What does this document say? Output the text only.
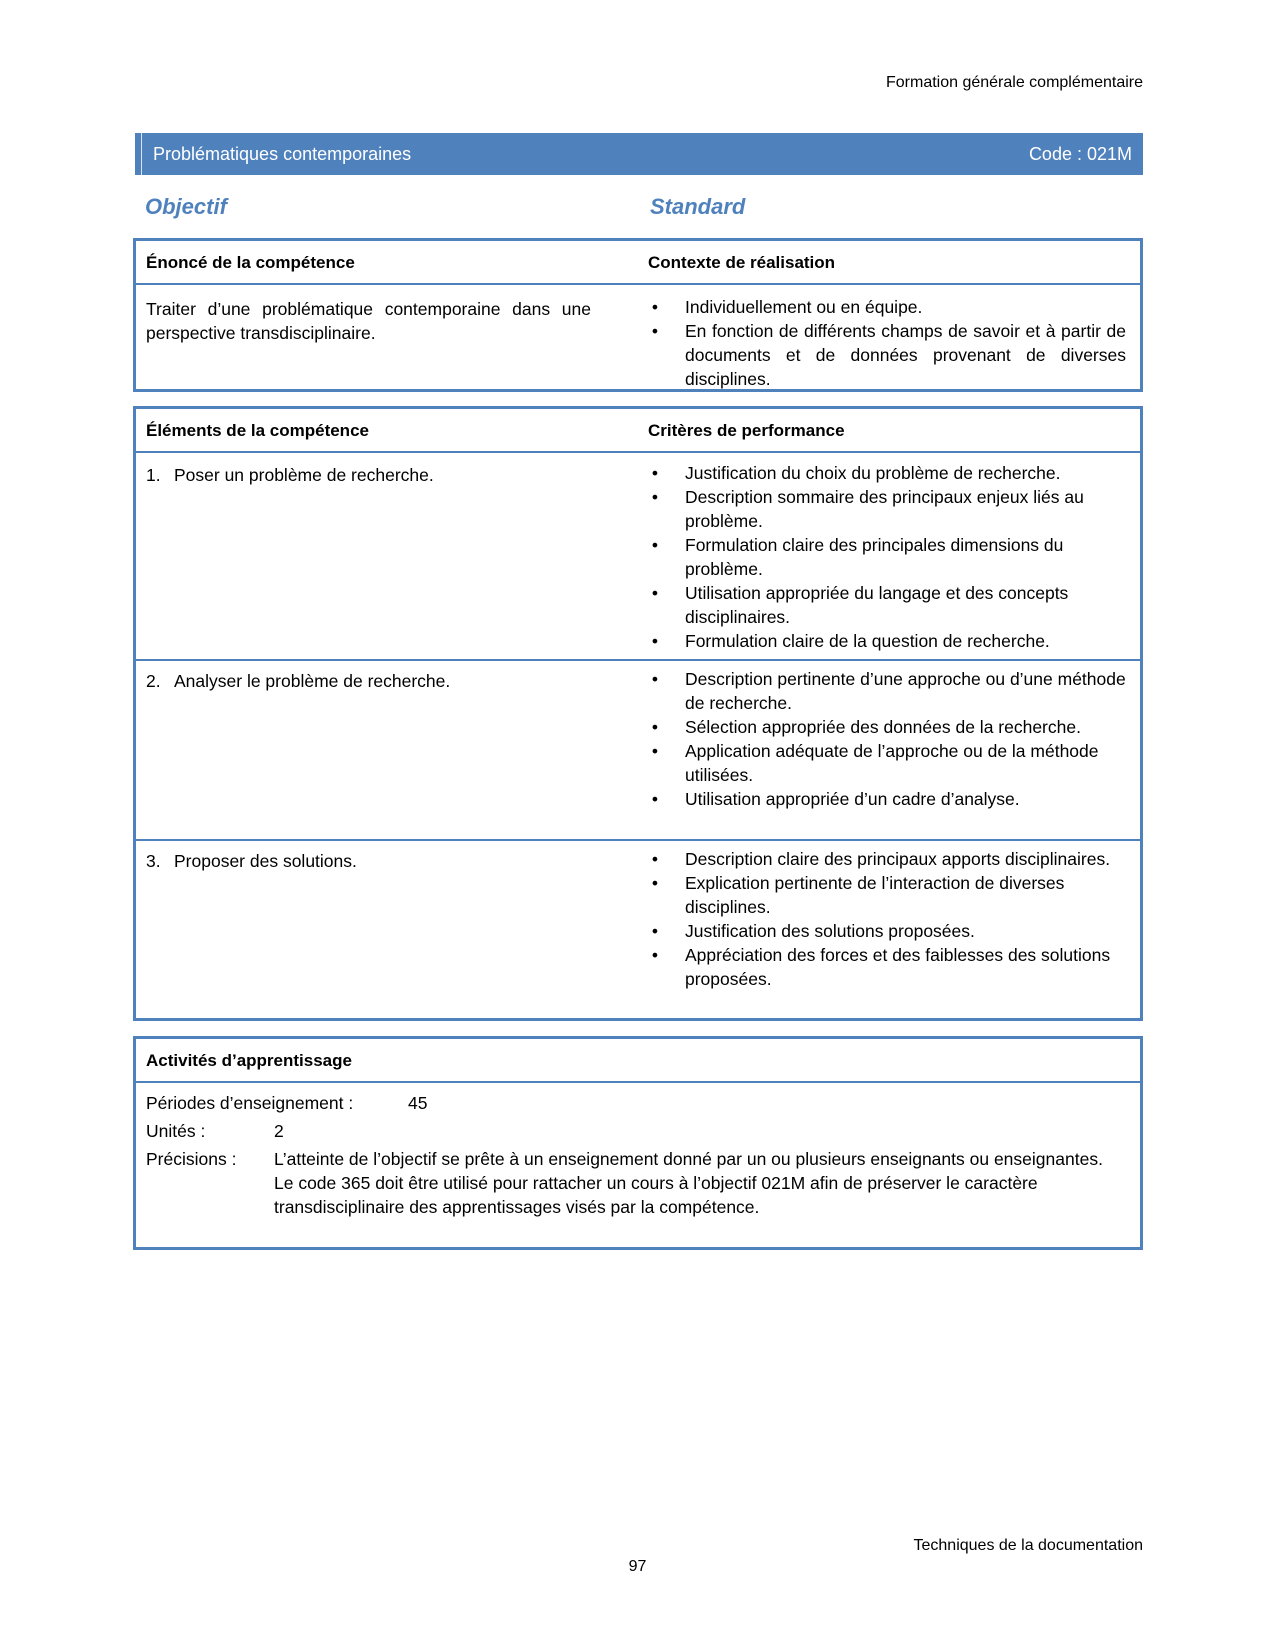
Formation générale complémentaire
Problématiques contemporaines	Code : 021M
Objectif	Standard
Énoncé de la compétence	Contexte de réalisation
Traiter d’une problématique contemporaine dans une perspective transdisciplinaire.
• Individuellement ou en équipe.
• En fonction de différents champs de savoir et à partir de documents et de données provenant de diverses disciplines.
Éléments de la compétence	Critères de performance
1. Poser un problème de recherche.	• Justification du choix du problème de recherche.
• Description sommaire des principaux enjeux liés au problème.
• Formulation claire des principales dimensions du problème.
• Utilisation appropriée du langage et des concepts disciplinaires.
• Formulation claire de la question de recherche.
2. Analyser le problème de recherche.	• Description pertinente d’une approche ou d’une méthode de recherche.
• Sélection appropriée des données de la recherche.
• Application adéquate de l’approche ou de la méthode utilisées.
• Utilisation appropriée d’un cadre d’analyse.
3. Proposer des solutions.	• Description claire des principaux apports disciplinaires.
• Explication pertinente de l’interaction de diverses disciplines.
• Justification des solutions proposées.
• Appréciation des forces et des faiblesses des solutions proposées.
Activités d’apprentissage
Périodes d’enseignement :	45
Unités :	2
Précisions : L’atteinte de l’objectif se prête à un enseignement donné par un ou plusieurs enseignants ou enseignantes.
Le code 365 doit être utilisé pour rattacher un cours à l’objectif 021M afin de préserver le caractère transdisciplinaire des apprentissages visés par la compétence.
Techniques de la documentation
97
